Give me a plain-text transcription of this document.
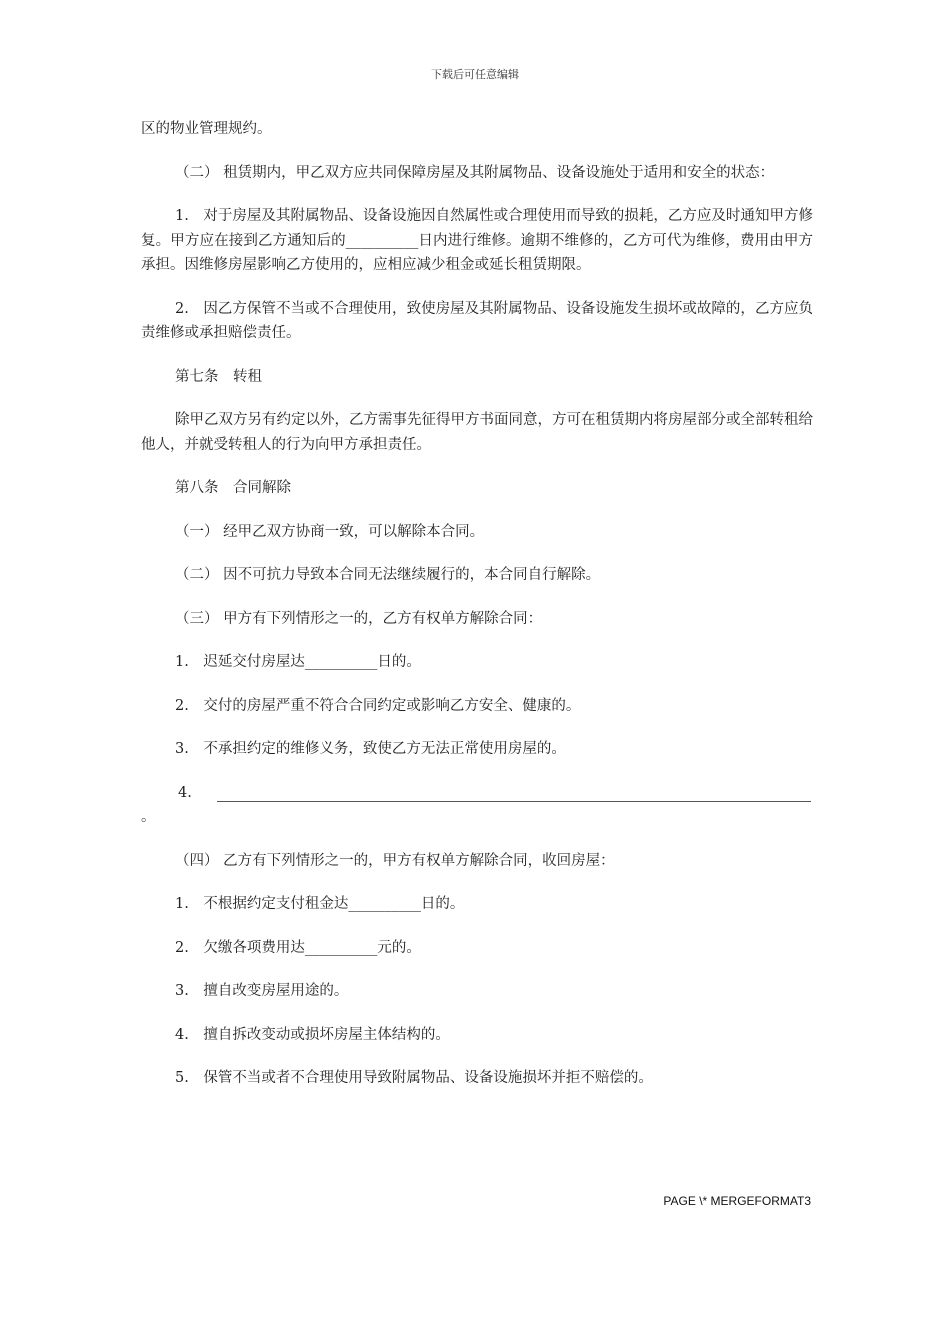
下载后可任意编辑

区的物业管理规约。

（二） 租赁期内，甲乙双方应共同保障房屋及其附属物品、设备设施处于适用和安全的状态：

1.　对于房屋及其附属物品、设备设施因自然属性或合理使用而导致的损耗，乙方应及时通知甲方修复。甲方应在接到乙方通知后的__________日内进行维修。逾期不维修的，乙方可代为维修，费用由甲方承担。因维修房屋影响乙方使用的，应相应减少租金或延长租赁期限。

2.　因乙方保管不当或不合理使用，致使房屋及其附属物品、设备设施发生损坏或故障的，乙方应负责维修或承担赔偿责任。

第七条　转租

除甲乙双方另有约定以外，乙方需事先征得甲方书面同意，方可在租赁期内将房屋部分或全部转租给他人，并就受转租人的行为向甲方承担责任。

第八条　合同解除

（一） 经甲乙双方协商一致，可以解除本合同。

（二） 因不可抗力导致本合同无法继续履行的，本合同自行解除。

（三） 甲方有下列情形之一的，乙方有权单方解除合同：

1.　迟延交付房屋达__________日的。

2.　交付的房屋严重不符合合同约定或影响乙方安全、健康的。

3.　不承担约定的维修义务，致使乙方无法正常使用房屋的。

4.
。

（四） 乙方有下列情形之一的，甲方有权单方解除合同，收回房屋：

1.　不根据约定支付租金达__________日的。

2.　欠缴各项费用达__________元的。

3.　擅自改变房屋用途的。

4.　擅自拆改变动或损坏房屋主体结构的。

5.　保管不当或者不合理使用导致附属物品、设备设施损坏并拒不赔偿的。

PAGE \* MERGEFORMAT3
